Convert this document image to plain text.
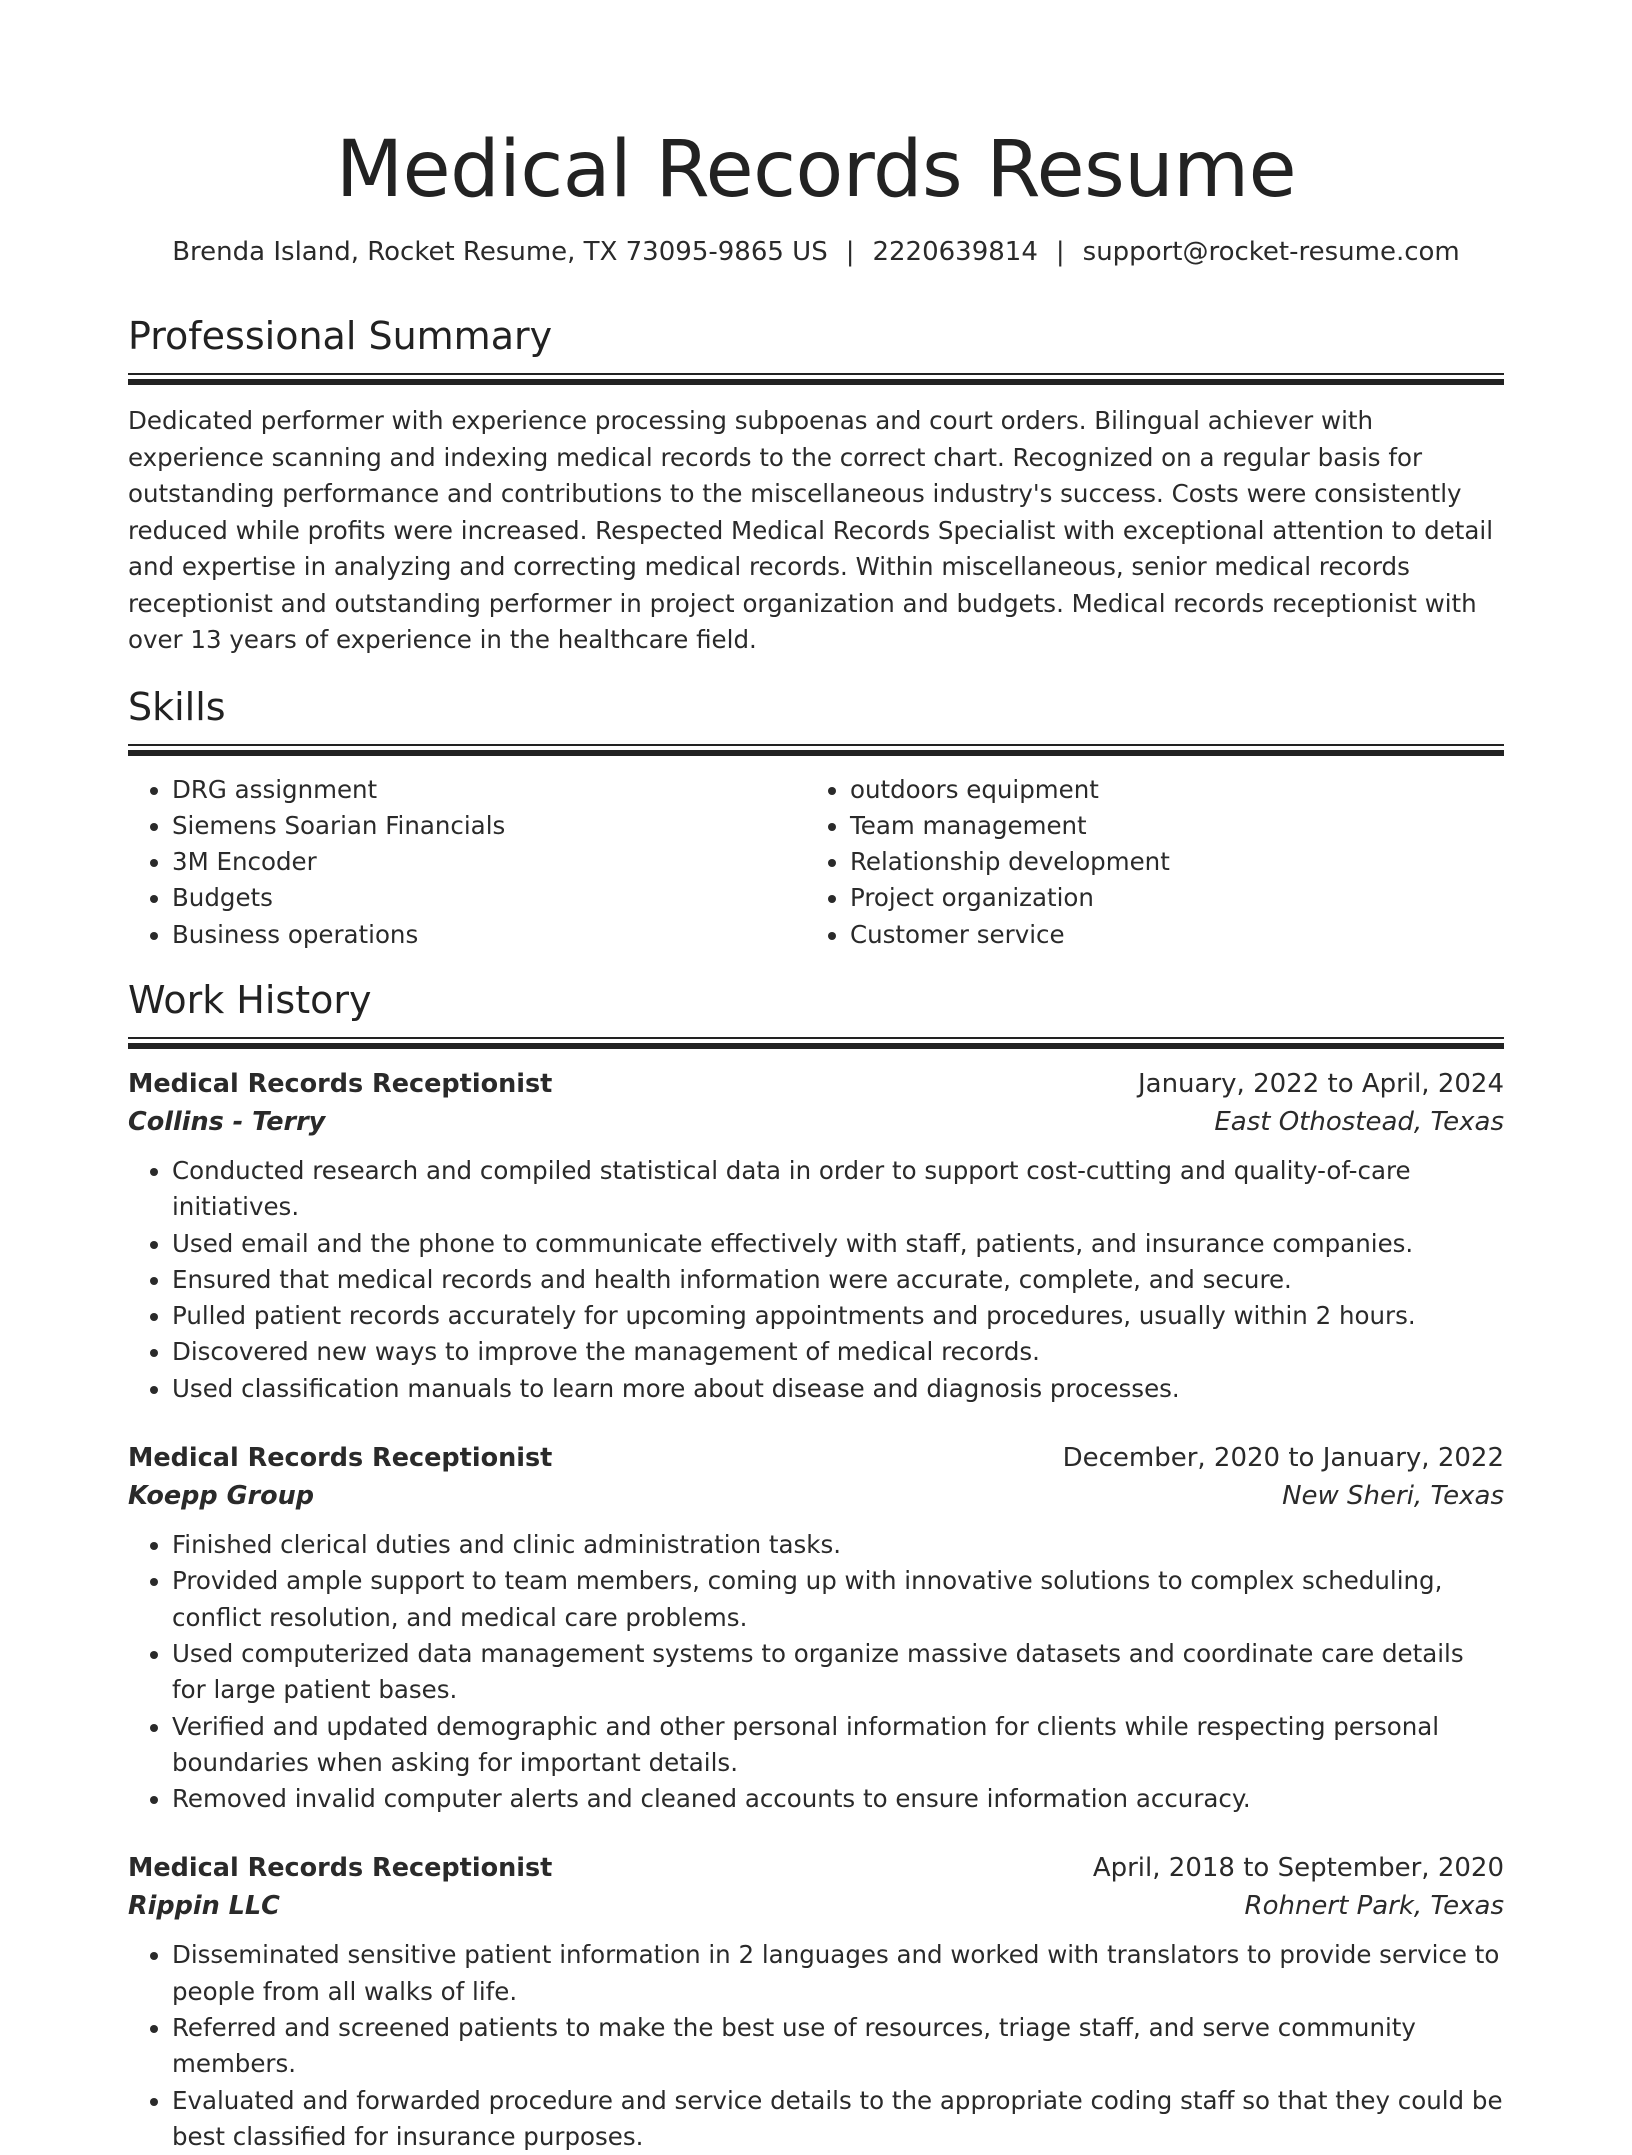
Medical Records Resume
Brenda Island, Rocket Resume, TX 73095-9865 US | 2220639814 | support@rocket-resume.com
Professional Summary

Dedicated performer with experience processing subpoenas and court orders. Bilingual achiever with experience scanning and indexing medical records to the correct chart. Recognized on a regular basis for outstanding performance and contributions to the miscellaneous industry's success. Costs were consistently reduced while profits were increased. Respected Medical Records Specialist with exceptional attention to detail and expertise in analyzing and correcting medical records. Within miscellaneous, senior medical records receptionist and outstanding performer in project organization and budgets. Medical records receptionist with over 13 years of experience in the healthcare field.

Skills
• DRG assignment
• Siemens Soarian Financials
• 3M Encoder
• Budgets
• Business operations
• outdoors equipment
• Team management
• Relationship development
• Project organization
• Customer service
Work History
Medical Records Receptionist	January, 2022 to April, 2024
Collins - Terry	East Othostead, Texas
• Conducted research and compiled statistical data in order to support cost-cutting and quality-of-care initiatives.
• Used email and the phone to communicate effectively with staff, patients, and insurance companies.
• Ensured that medical records and health information were accurate, complete, and secure.
• Pulled patient records accurately for upcoming appointments and procedures, usually within 2 hours.
• Discovered new ways to improve the management of medical records.
• Used classification manuals to learn more about disease and diagnosis processes.
Medical Records Receptionist	December, 2020 to January, 2022
Koepp Group	New Sheri, Texas
• Finished clerical duties and clinic administration tasks.
• Provided ample support to team members, coming up with innovative solutions to complex scheduling, conflict resolution, and medical care problems.
• Used computerized data management systems to organize massive datasets and coordinate care details for large patient bases.
• Verified and updated demographic and other personal information for clients while respecting personal boundaries when asking for important details.
• Removed invalid computer alerts and cleaned accounts to ensure information accuracy.
Medical Records Receptionist	April, 2018 to September, 2020
Rippin LLC	Rohnert Park, Texas
• Disseminated sensitive patient information in 2 languages and worked with translators to provide service to people from all walks of life.
• Referred and screened patients to make the best use of resources, triage staff, and serve community members.
• Evaluated and forwarded procedure and service details to the appropriate coding staff so that they could be best classified for insurance purposes.
